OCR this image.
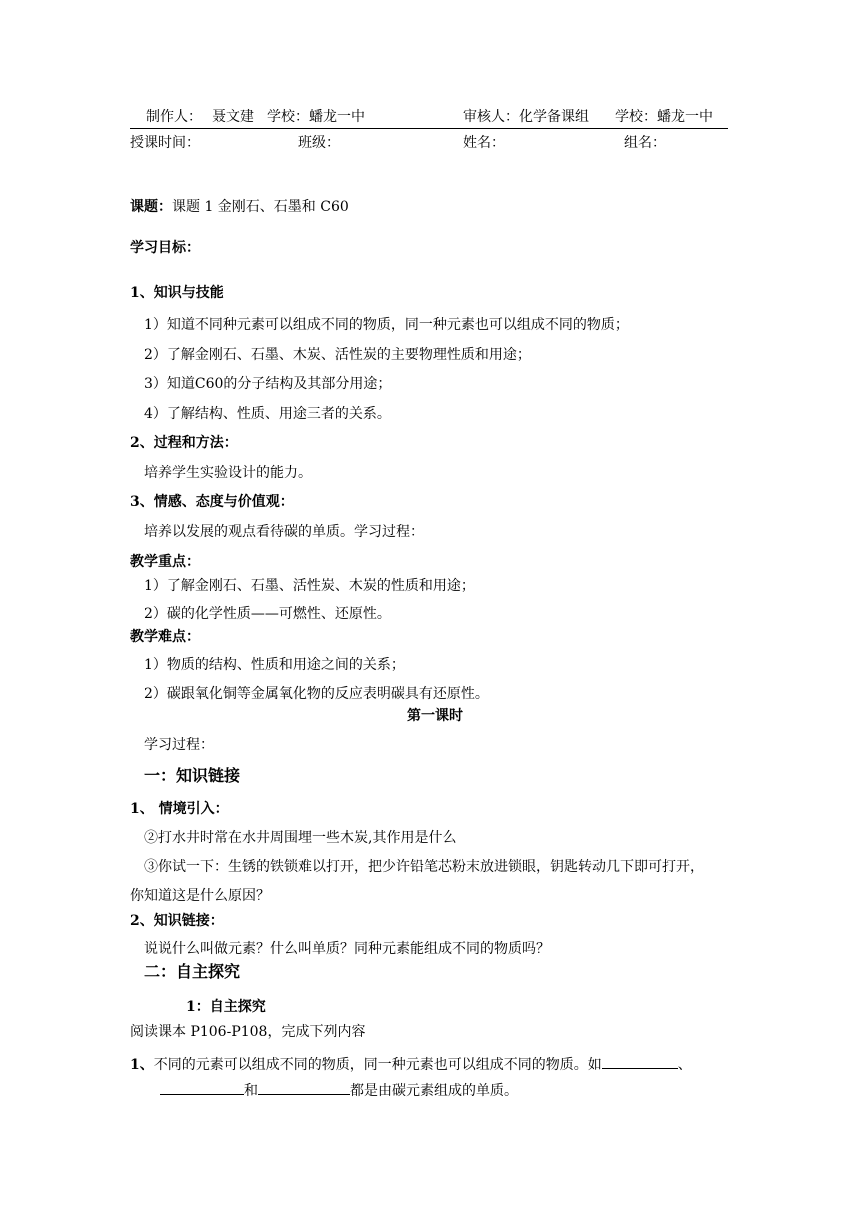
制作人： 聂文建 学校：蟠龙一中	审核人：化学备课组 学校：蟠龙一中
授课时间：	班级：	姓名：	组名：
课题：课题 1 金刚石、石墨和 C60
学习目标：
1、知识与技能
1）知道不同种元素可以组成不同的物质，同一种元素也可以组成不同的物质；
2）了解金刚石、石墨、木炭、活性炭的主要物理性质和用途；
3）知道C60的分子结构及其部分用途；
4）了解结构、性质、用途三者的关系。
2、过程和方法：
培养学生实验设计的能力。
3、情感、态度与价值观：
培养以发展的观点看待碳的单质。学习过程：
教学重点：
1）了解金刚石、石墨、活性炭、木炭的性质和用途；
2）碳的化学性质——可燃性、还原性。
教学难点：
1）物质的结构、性质和用途之间的关系；
2）碳跟氧化铜等金属氧化物的反应表明碳具有还原性。
第一课时
学习过程：
一：知识链接
1、 情境引入：
②打水井时常在水井周围埋一些木炭,其作用是什么
③你试一下：生锈的铁锁难以打开，把少许铅笔芯粉末放进锁眼，钥匙转动几下即可打开，
你知道这是什么原因？
2、知识链接：
说说什么叫做元素？什么叫单质？同种元素能组成不同的物质吗？
二：自主探究
1：自主探究
阅读课本 P106-P108，完成下列内容
1、不同的元素可以组成不同的物质，同一种元素也可以组成不同的物质。如	、
和	都是由碳元素组成的单质。
